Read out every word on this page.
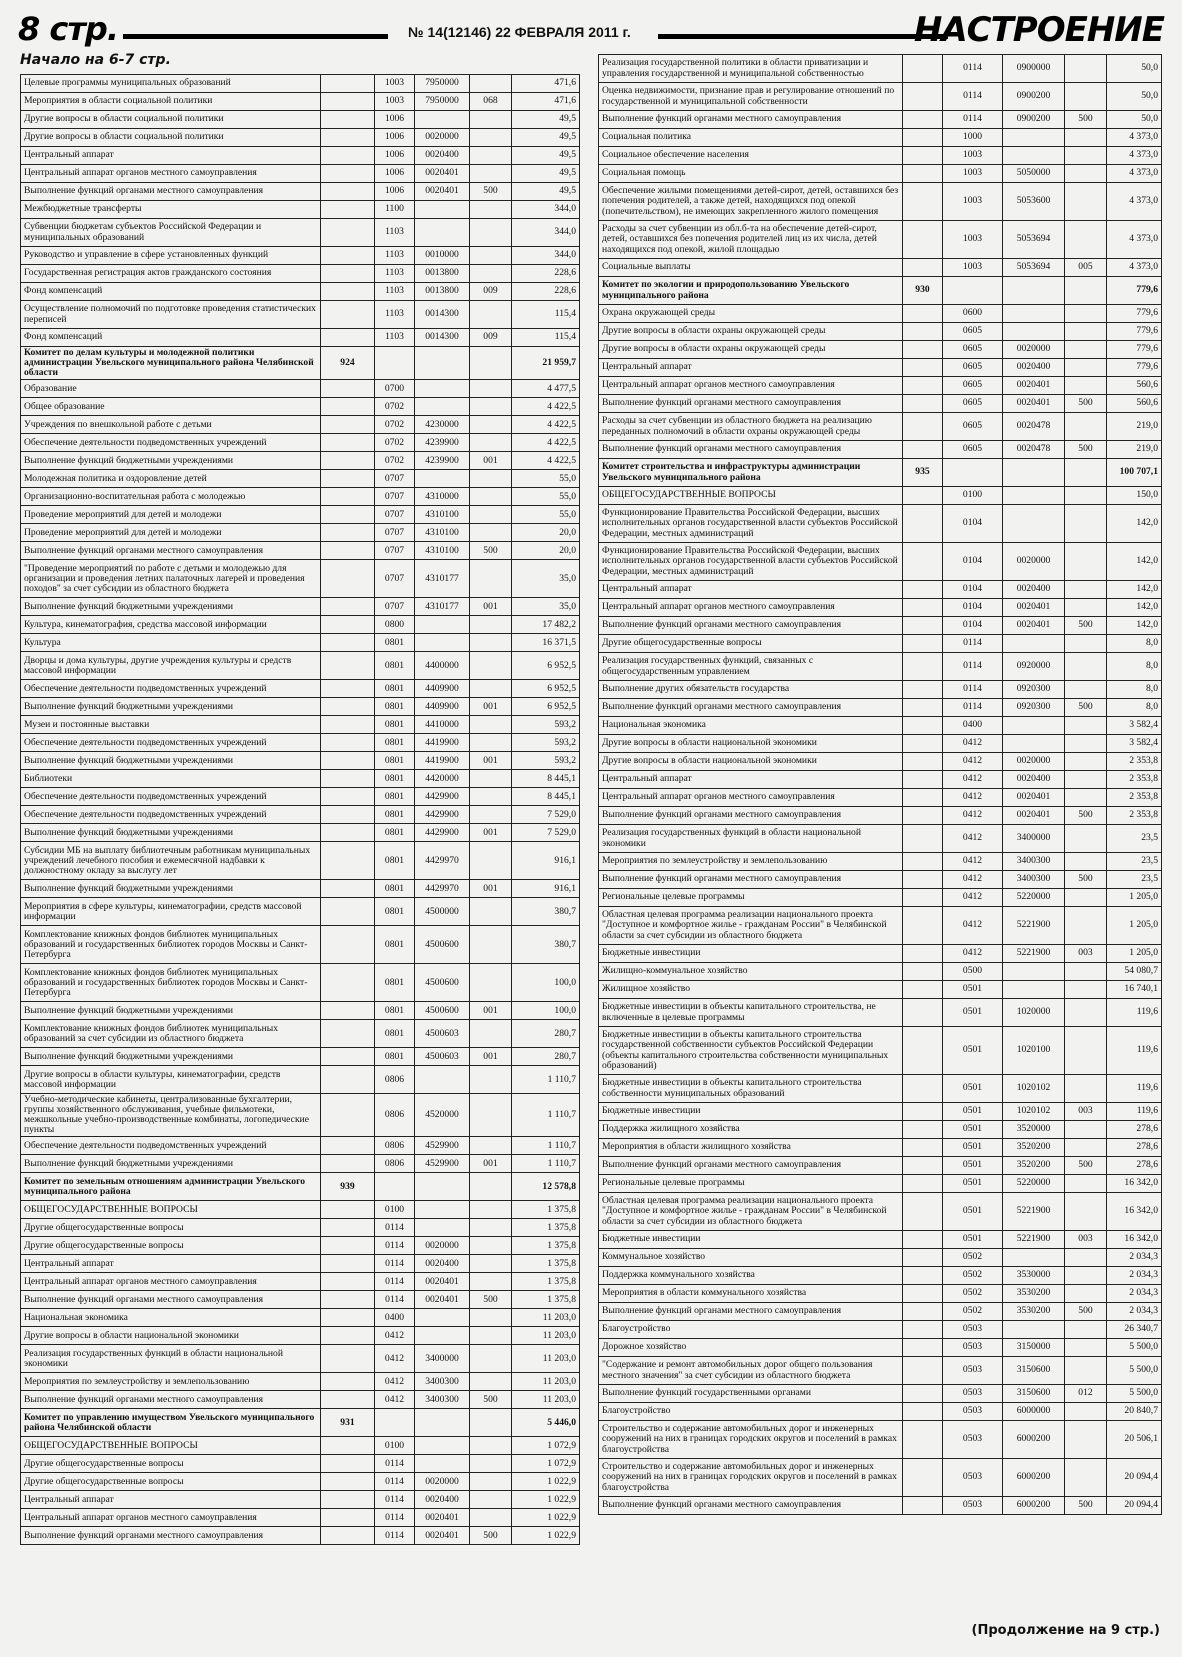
8 стр.	№ 14(12146) 22 ФЕВРАЛЯ 2011 г.	НАСТРОЕНИЕ
Начало на 6-7 стр.
Целевые программы муниципальных образований		1003	7950000		471,6
Мероприятия в области социальной политики		1003	7950000	068	471,6
Другие вопросы в области социальной политики		1006			49,5
Другие вопросы в области социальной политики		1006	0020000		49,5
Центральный аппарат		1006	0020400		49,5
Центральный аппарат органов местного самоуправления		1006	0020401		49,5
Выполнение функций органами местного самоуправления		1006	0020401	500	49,5
Межбюджетные трансферты		1100			344,0
Субвенции бюджетам субъектов Российской Федерации и муниципальных образований		1103			344,0
Руководство и управление в сфере установленных функций		1103	0010000		344,0
Государственная регистрация актов гражданского состояния		1103	0013800		228,6
Фонд компенсаций		1103	0013800	009	228,6
Осуществление полномочий по подготовке проведения статистических переписей		1103	0014300		115,4
Фонд компенсаций		1103	0014300	009	115,4
Комитет по делам культуры и молодежной политики администрации Увельского муниципального района Челябинской области	924				21 959,7
Образование		0700			4 477,5
Общее образование		0702			4 422,5
Учреждения по внешкольной работе с детьми		0702	4230000		4 422,5
Обеспечение деятельности подведомственных учреждений		0702	4239900		4 422,5
Выполнение функций бюджетными учреждениями		0702	4239900	001	4 422,5
Молодежная политика и оздоровление детей		0707			55,0
Организационно-воспитательная работа с молодежью		0707	4310000		55,0
Проведение мероприятий для детей и молодежи		0707	4310100		55,0
Проведение мероприятий для детей и молодежи		0707	4310100		20,0
Выполнение функций органами местного самоуправления		0707	4310100	500	20,0
"Проведение мероприятий по работе с детьми и молодежью для организации и проведения летних палаточных лагерей и проведения походов" за счет субсидии из областного бюджета		0707	4310177		35,0
Выполнение функций бюджетными учреждениями		0707	4310177	001	35,0
Культура, кинематография, средства массовой информации		0800			17 482,2
Культура		0801			16 371,5
Дворцы и дома культуры, другие учреждения культуры и средств массовой информации		0801	4400000		6 952,5
Обеспечение деятельности подведомственных учреждений		0801	4409900		6 952,5
Выполнение функций бюджетными учреждениями		0801	4409900	001	6 952,5
Музеи и постоянные выставки		0801	4410000		593,2
Обеспечение деятельности подведомственных учреждений		0801	4419900		593,2
Выполнение функций бюджетными учреждениями		0801	4419900	001	593,2
Библиотеки		0801	4420000		8 445,1
Обеспечение деятельности подведомственных учреждений		0801	4429900		8 445,1
Обеспечение деятельности подведомственных учреждений		0801	4429900		7 529,0
Выполнение функций бюджетными учреждениями		0801	4429900	001	7 529,0
Субсидии МБ на выплату библиотечным работникам муниципальных учреждений лечебного пособия и ежемесячной надбавки к должностному окладу за выслугу лет		0801	4429970		916,1
Выполнение функций бюджетными учреждениями		0801	4429970	001	916,1
Мероприятия в сфере культуры, кинематографии, средств массовой информации		0801	4500000		380,7
Комплектование книжных фондов библиотек муниципальных образований и государственных библиотек городов Москвы и Санкт-Петербурга		0801	4500600		380,7
Комплектование книжных фондов библиотек муниципальных образований и государственных библиотек городов Москвы и Санкт-Петербурга		0801	4500600		100,0
Выполнение функций бюджетными учреждениями		0801	4500600	001	100,0
Комплектование книжных фондов библиотек муниципальных образований за счет субсидии из областного бюджета		0801	4500603		280,7
Выполнение функций бюджетными учреждениями		0801	4500603	001	280,7
Другие вопросы в области культуры, кинематографии, средств массовой информации		0806			1 110,7
Учебно-методические кабинеты, централизованные бухгалтерии, группы хозяйственного обслуживания, учебные фильмотеки, межшкольные учебно-производственные комбинаты, логопедические пункты		0806	4520000		1 110,7
Обеспечение деятельности подведомственных учреждений		0806	4529900		1 110,7
Выполнение функций бюджетными учреждениями		0806	4529900	001	1 110,7
Комитет по земельным отношениям администрации Увельского муниципального района	939				12 578,8
ОБЩЕГОСУДАРСТВЕННЫЕ ВОПРОСЫ		0100			1 375,8
Другие общегосударственные вопросы		0114			1 375,8
Другие общегосударственные вопросы		0114	0020000		1 375,8
Центральный аппарат		0114	0020400		1 375,8
Центральный аппарат органов местного самоуправления		0114	0020401		1 375,8
Выполнение функций органами местного самоуправления		0114	0020401	500	1 375,8
Национальная экономика		0400			11 203,0
Другие вопросы в области национальной экономики		0412			11 203,0
Реализация государственных функций в области национальной экономики		0412	3400000		11 203,0
Мероприятия по землеустройству и землепользованию		0412	3400300		11 203,0
Выполнение функций органами местного самоуправления		0412	3400300	500	11 203,0
Комитет по управлению имуществом Увельского муниципального района Челябинской области	931				5 446,0
ОБЩЕГОСУДАРСТВЕННЫЕ ВОПРОСЫ		0100			1 072,9
Другие общегосударственные вопросы		0114			1 072,9
Другие общегосударственные вопросы		0114	0020000		1 022,9
Центральный аппарат		0114	0020400		1 022,9
Центральный аппарат органов местного самоуправления		0114	0020401		1 022,9
Выполнение функций органами местного самоуправления		0114	0020401	500	1 022,9
Реализация государственной политики в области приватизации и управления государственной и муниципальной собственностью		0114	0900000		50,0
Оценка недвижимости, признание прав и регулирование отношений по государственной и муниципальной собственности		0114	0900200		50,0
Выполнение функций органами местного самоуправления		0114	0900200	500	50,0
Социальная политика		1000			4 373,0
Социальное обеспечение населения		1003			4 373,0
Социальная помощь		1003	5050000		4 373,0
Обеспечение жилыми помещениями детей-сирот, детей, оставшихся без попечения родителей, а также детей, находящихся под опекой (попечительством), не имеющих закрепленного жилого помещения		1003	5053600		4 373,0
Расходы за счет субвенции из обл.б-та на обеспечение детей-сирот, детей, оставшихся без попечения родителей лиц из их числа, детей находящихся под опекой, жилой площадью		1003	5053694		4 373,0
Социальные выплаты		1003	5053694	005	4 373,0
Комитет по экологии и природопользованию Увельского муниципального района	930				779,6
Охрана окружающей среды		0600			779,6
Другие вопросы в области охраны окружающей среды		0605			779,6
Другие вопросы в области охраны окружающей среды		0605	0020000		779,6
Центральный аппарат		0605	0020400		779,6
Центральный аппарат органов местного самоуправления		0605	0020401		560,6
Выполнение функций органами местного самоуправления		0605	0020401	500	560,6
Расходы за счет субвенции из областного бюджета на реализацию переданных полномочий в области охраны окружающей среды		0605	0020478		219,0
Выполнение функций органами местного самоуправления		0605	0020478	500	219,0
Комитет строительства и инфраструктуры администрации Увельского муниципального района	935				100 707,1
ОБЩЕГОСУДАРСТВЕННЫЕ ВОПРОСЫ		0100			150,0
Функционирование Правительства Российской Федерации, высших исполнительных органов государственной власти субъектов Российской Федерации, местных администраций		0104			142,0
Функционирование Правительства Российской Федерации, высших исполнительных органов государственной власти субъектов Российской Федерации, местных администраций		0104	0020000		142,0
Центральный аппарат		0104	0020400		142,0
Центральный аппарат органов местного самоуправления		0104	0020401		142,0
Выполнение функций органами местного самоуправления		0104	0020401	500	142,0
Другие общегосударственные вопросы		0114			8,0
Реализация государственных функций, связанных с общегосударственным управлением		0114	0920000		8,0
Выполнение других обязательств государства		0114	0920300		8,0
Выполнение функций органами местного самоуправления		0114	0920300	500	8,0
Национальная экономика		0400			3 582,4
Другие вопросы в области национальной экономики		0412			3 582,4
Другие вопросы в области национальной экономики		0412	0020000		2 353,8
Центральный аппарат		0412	0020400		2 353,8
Центральный аппарат органов местного самоуправления		0412	0020401		2 353,8
Выполнение функций органами местного самоуправления		0412	0020401	500	2 353,8
Реализация государственных функций в области национальной экономики		0412	3400000		23,5
Мероприятия по землеустройству и землепользованию		0412	3400300		23,5
Выполнение функций органами местного самоуправления		0412	3400300	500	23,5
Региональные целевые программы		0412	5220000		1 205,0
Областная целевая программа реализации национального проекта "Доступное и комфортное жилье - гражданам России" в Челябинской области за счет субсидии из областного бюджета		0412	5221900		1 205,0
Бюджетные инвестиции		0412	5221900	003	1 205,0
Жилищно-коммунальное хозяйство		0500			54 080,7
Жилищное хозяйство		0501			16 740,1
Бюджетные инвестиции в объекты капитального строительства, не включенные в целевые программы		0501	1020000		119,6
Бюджетные инвестиции в объекты капитального строительства государственной собственности субъектов Российской Федерации (объекты капитального строительства собственности муниципальных образований)		0501	1020100		119,6
Бюджетные инвестиции в объекты капитального строительства собственности муниципальных образований		0501	1020102		119,6
Бюджетные инвестиции		0501	1020102	003	119,6
Поддержка жилищного хозяйства		0501	3520000		278,6
Мероприятия в области жилищного хозяйства		0501	3520200		278,6
Выполнение функций органами местного самоуправления		0501	3520200	500	278,6
Региональные целевые программы		0501	5220000		16 342,0
Областная целевая программа реализации национального проекта "Доступное и комфортное жилье - гражданам России" в Челябинской области за счет субсидии из областного бюджета		0501	5221900		16 342,0
Бюджетные инвестиции		0501	5221900	003	16 342,0
Коммунальное хозяйство		0502			2 034,3
Поддержка коммунального хозяйства		0502	3530000		2 034,3
Мероприятия в области коммунального хозяйства		0502	3530200		2 034,3
Выполнение функций органами местного самоуправления		0502	3530200	500	2 034,3
Благоустройство		0503			26 340,7
Дорожное хозяйство		0503	3150000		5 500,0
"Содержание и ремонт автомобильных дорог общего пользования местного значения" за счет субсидии из областного бюджета		0503	3150600		5 500,0
Выполнение функций государственными органами		0503	3150600	012	5 500,0
Благоустройство		0503	6000000		20 840,7
Строительство и содержание автомобильных дорог и инженерных сооружений на них в границах городских округов и поселений в рамках благоустройства		0503	6000200		20 506,1
Строительство и содержание автомобильных дорог и инженерных сооружений на них в границах городских округов и поселений в рамках благоустройства		0503	6000200		20 094,4
Выполнение функций органами местного самоуправления		0503	6000200	500	20 094,4
(Продолжение на 9 стр.)
